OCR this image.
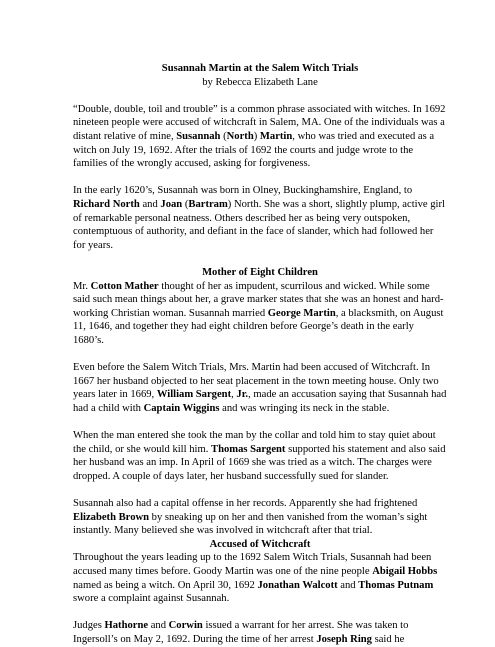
Susannah Martin at the Salem Witch Trials
by Rebecca Elizabeth Lane

“Double, double, toil and trouble” is a common phrase associated with witches. In 1692 nineteen people were accused of witchcraft in Salem, MA. One of the individuals was a distant relative of mine, Susannah (North) Martin, who was tried and executed as a witch on July 19, 1692. After the trials of 1692 the courts and judge wrote to the families of the wrongly accused, asking for forgiveness.

In the early 1620’s, Susannah was born in Olney, Buckinghamshire, England, to Richard North and Joan (Bartram) North. She was a short, slightly plump, active girl of remarkable personal neatness. Others described her as being very outspoken, contemptuous of authority, and defiant in the face of slander, which had followed her for years.

Mother of Eight Children

Mr. Cotton Mather thought of her as impudent, scurrilous and wicked. While some said such mean things about her, a grave marker states that she was an honest and hard-working Christian woman. Susannah married George Martin, a blacksmith, on August 11, 1646, and together they had eight children before George’s death in the early 1680’s.

Even before the Salem Witch Trials, Mrs. Martin had been accused of Witchcraft. In 1667 her husband objected to her seat placement in the town meeting house. Only two years later in 1669, William Sargent, Jr., made an accusation saying that Susannah had had a child with Captain Wiggins and was wringing its neck in the stable.

When the man entered she took the man by the collar and told him to stay quiet about the child, or she would kill him. Thomas Sargent supported his statement and also said her husband was an imp. In April of 1669 she was tried as a witch. The charges were dropped. A couple of days later, her husband successfully sued for slander.

Susannah also had a capital offense in her records. Apparently she had frightened Elizabeth Brown by sneaking up on her and then vanished from the woman’s sight instantly. Many believed she was involved in witchcraft after that trial.

Accused of Witchcraft

Throughout the years leading up to the 1692 Salem Witch Trials, Susannah had been accused many times before. Goody Martin was one of the nine people Abigail Hobbs named as being a witch. On April 30, 1692 Jonathan Walcott and Thomas Putnam swore a complaint against Susannah.

Judges Hathorne and Corwin issued a warrant for her arrest. She was taken to Ingersoll’s on May 2, 1692. During the time of her arrest Joseph Ring said he
